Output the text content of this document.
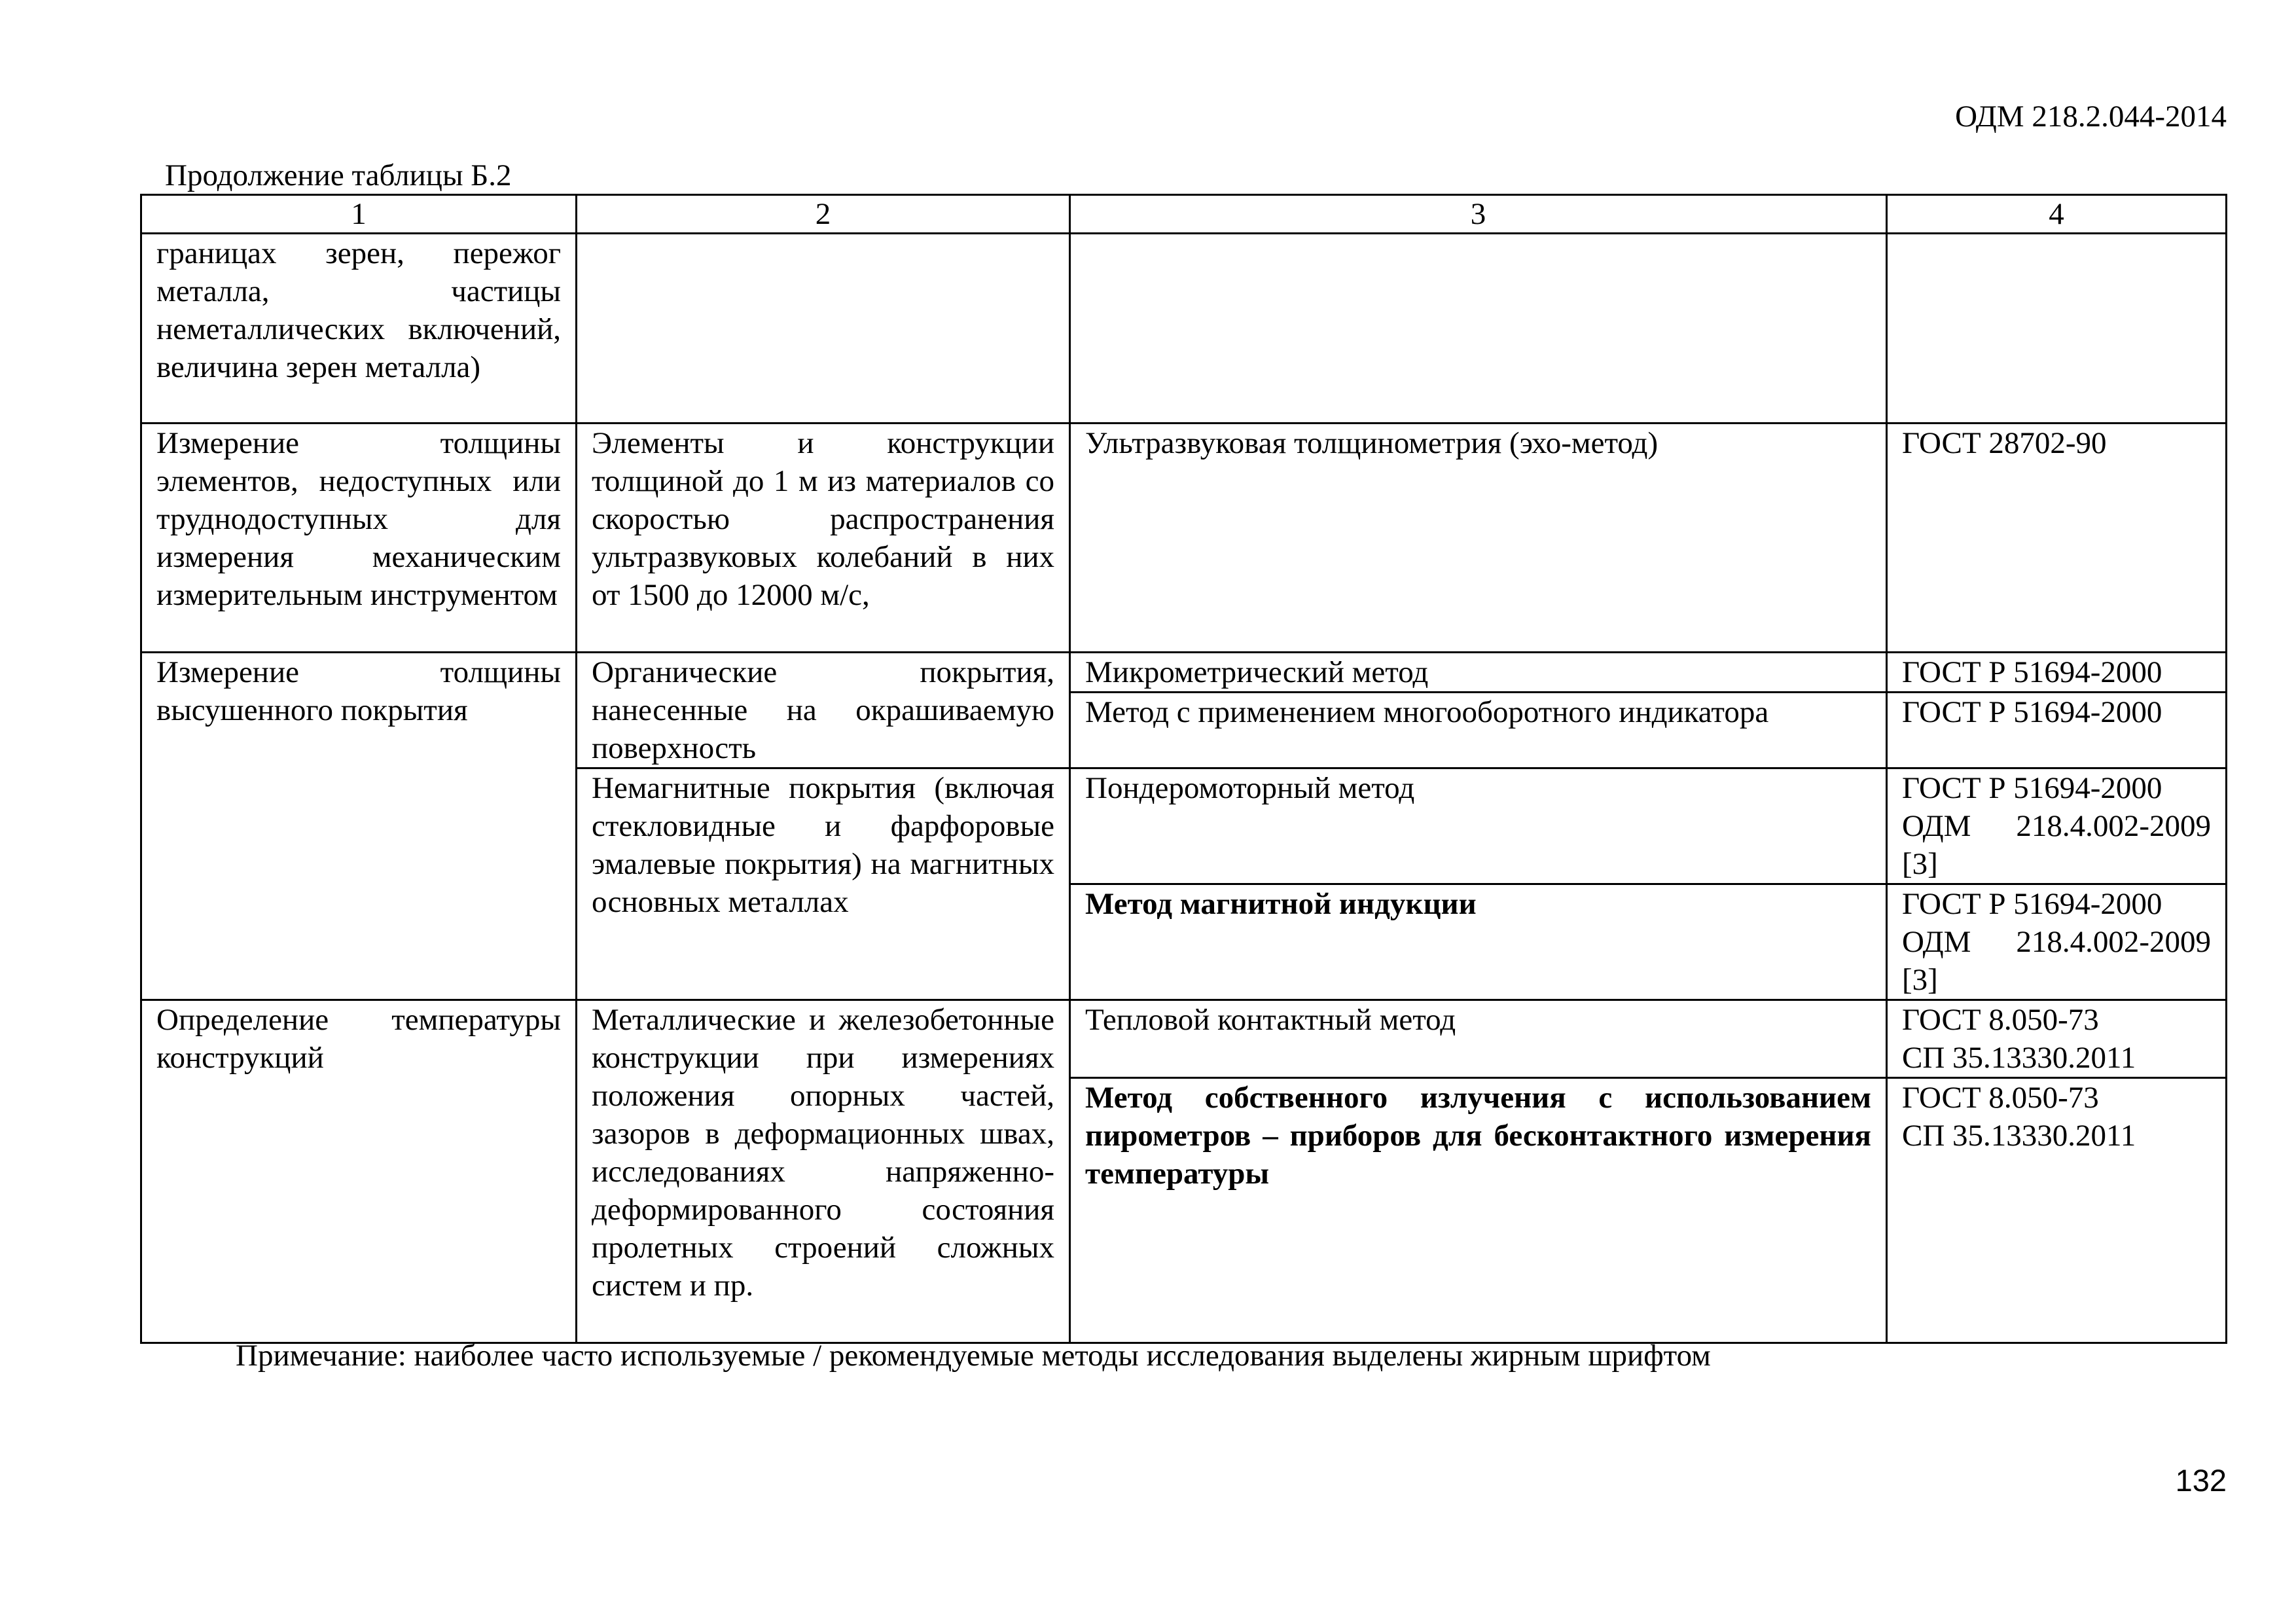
ОДМ 218.2.044-2014
Продолжение таблицы Б.2
1	2	3	4
границах зерен, пережог металла, частицы неметаллических включений, величина зерен металла)			
Измерение толщины элементов, недоступных или труднодоступных для измерения механическим измерительным инструментом	Элементы и конструкции толщиной до 1 м из материалов со скоростью распространения ультразвуковых колебаний в них от 1500 до 12000 м/с,	Ультразвуковая толщинометрия (эхо-метод)	ГОСТ 28702-90
Измерение толщины высушенного покрытия	Органические покрытия, нанесенные на окрашиваемую поверхность	Микрометрический метод	ГОСТ Р 51694-2000
		Метод с применением многооборотного индикатора	ГОСТ Р 51694-2000
	Немагнитные покрытия (включая стекловидные и фарфоровые эмалевые покрытия) на магнитных основных металлах	Пондеромоторный метод	ГОСТ Р 51694-2000
ОДМ 218.4.002-2009
[3]

		Метод магнитной индукции	ГОСТ Р 51694-2000
ОДМ 218.4.002-2009
[3]

Определение температуры конструкций	Металлические и железобетонные конструкции при измерениях положения опорных частей, зазоров в деформационных швах, исследованиях напряженно-деформированного состояния пролетных строений сложных систем и пр.	Тепловой контактный метод	ГОСТ 8.050-73
СП 35.13330.2011

		Метод собственного излучения с использованием пирометров – приборов для бесконтактного измерения температуры	ГОСТ 8.050-73
СП 35.13330.2011
Примечание: наиболее часто используемые / рекомендуемые методы исследования выделены жирным шрифтом
132
